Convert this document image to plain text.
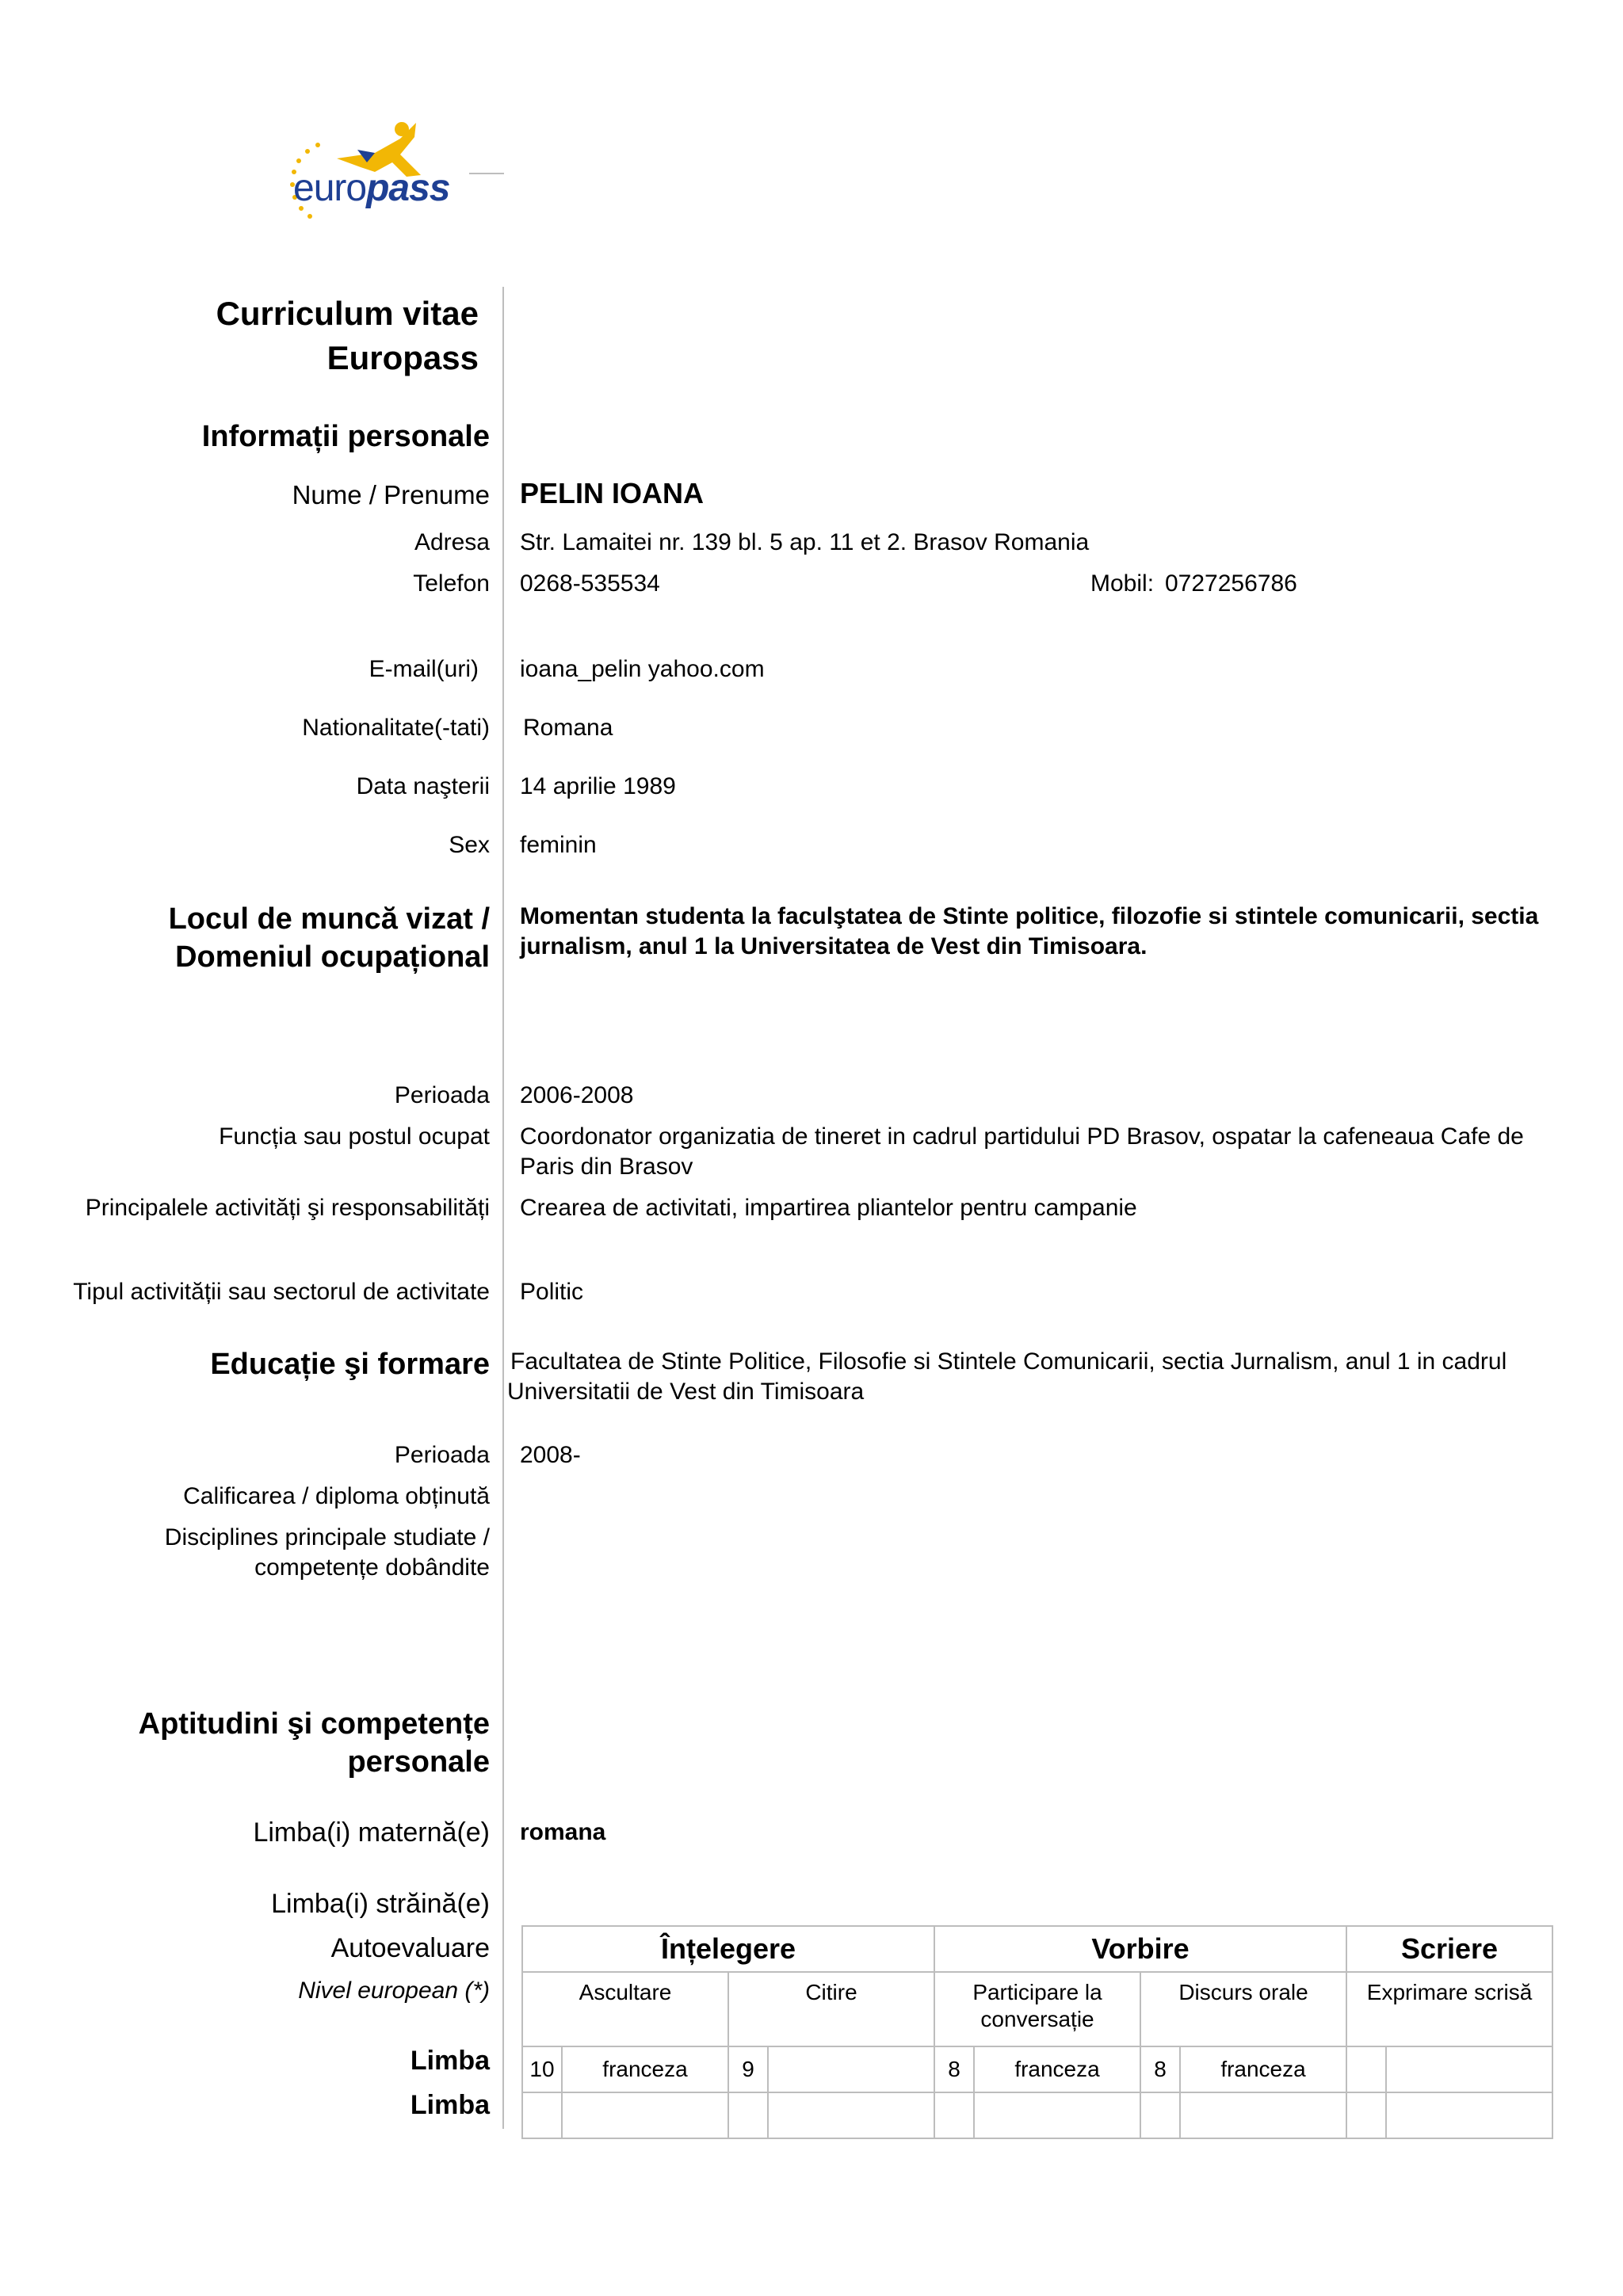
europass
Curriculum vitae
Europass
Informații personale
Nume / Prenume PELIN IOANA
Adresa Str. Lamaitei nr. 139 bl. 5 ap. 11 et 2. Brasov Romania
Telefon 0268-535534	Mobil: 0727256786
E-mail(uri) ioana_pelin yahoo.com
Nationalitate(-tati) Romana
Data naşterii 14 aprilie 1989
Sex feminin
Locul de muncă vizat /
Domeniul ocupațional
Momentan studenta la faculştatea de Stinte politice, filozofie si stintele comunicarii, sectia jurnalism, anul 1 la Universitatea de Vest din Timisoara.
Perioada 2006-2008
Funcția sau postul ocupat Coordonator organizatia de tineret in cadrul partidului PD Brasov, ospatar la cafeneaua Cafe de Paris din Brasov
Principalele activități şi responsabilități Crearea de activitati, impartirea pliantelor pentru campanie
Tipul activității sau sectorul de activitate Politic
Educație şi formare Facultatea de Stinte Politice, Filosofie si Stintele Comunicarii, sectia Jurnalism, anul 1 in cadrul Universitatii de Vest din Timisoara
Perioada 2008-
Calificarea / diploma obținută
Disciplines principale studiate /
competențe dobândite
Aptitudini şi competențe
personale
Limba(i) maternă(e) romana
Limba(i) străină(e)
Autoevaluare
Nivel european (*)
Limba
Limba
Înțelegere				Vorbire				Scriere	
Ascultare		Citire		Participare la conversație		Discurs orale		Exprimare scrisă	
10	franceza	9		8	franceza	8	franceza		
